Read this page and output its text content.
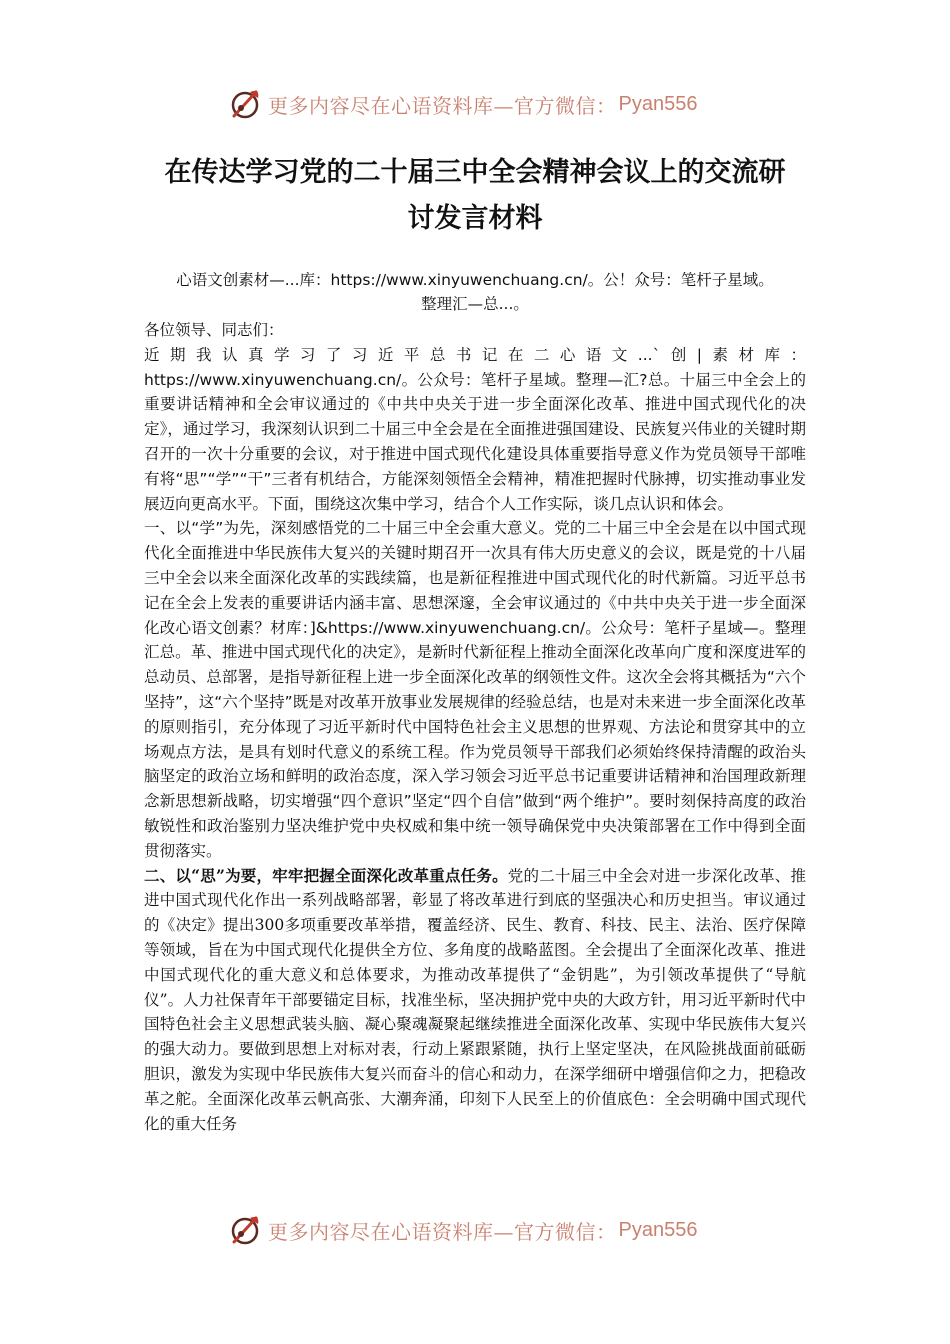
更多内容尽在心语资料库—官方微信： Pyan556
在传达学习党的二十届三中全会精神会议上的交流研
讨发言材料
心语文创素材—...库：https://www.xinyuwenchuang.cn/。公！众号：笔杆子星域。
整理汇—总...。

各位领导、同志们：

近期我认真学习了习近平总书记在二心语文...`创|素材库：https://www.xinyuwenchuang.cn/。公众号：笔杆子星域。整理—汇?总。十届三中全会上的重要讲话精神和全会审议通过的《中共中央关于进一步全面深化改革、推进中国式现代化的决定》，通过学习，我深刻认识到二十届三中全会是在全面推进强国建设、民族复兴伟业的关键时期召开的一次十分重要的会议，对于推进中国式现代化建设具体重要指导意义作为党员领导干部唯有将“思”“学”“干”三者有机结合，方能深刻领悟全会精神，精准把握时代脉搏，切实推动事业发展迈向更高水平。下面，围绕这次集中学习，结合个人工作实际，谈几点认识和体会。

一、以“学”为先，深刻感悟党的二十届三中全会重大意义。党的二十届三中全会是在以中国式现代化全面推进中华民族伟大复兴的关键时期召开一次具有伟大历史意义的会议，既是党的十八届三中全会以来全面深化改革的实践续篇，也是新征程推进中国式现代化的时代新篇。习近平总书记在全会上发表的重要讲话内涵丰富、思想深邃，全会审议通过的《中共中央关于进一步全面深化改心语文创素？材库：]&https://www.xinyuwenchuang.cn/。公众号：笔杆子星域—。整理汇总。革、推进中国式现代化的决定》，是新时代新征程上推动全面深化改革向广度和深度进军的总动员、总部署，是指导新征程上进一步全面深化改革的纲领性文件。这次全会将其概括为“六个坚持”，这“六个坚持”既是对改革开放事业发展规律的经验总结，也是对未来进一步全面深化改革的原则指引，充分体现了习近平新时代中国特色社会主义思想的世界观、方法论和贯穿其中的立场观点方法，是具有划时代意义的系统工程。作为党员领导干部我们必须始终保持清醒的政治头脑坚定的政治立场和鲜明的政治态度，深入学习领会习近平总书记重要讲话精神和治国理政新理念新思想新战略，切实增强“四个意识”坚定“四个自信”做到“两个维护”。要时刻保持高度的政治敏锐性和政治鉴别力坚决维护党中央权威和集中统一领导确保党中央决策部署在工作中得到全面贯彻落实。

二、以“思”为要，牢牢把握全面深化改革重点任务。党的二十届三中全会对进一步深化改革、推进中国式现代化作出一系列战略部署，彰显了将改革进行到底的坚强决心和历史担当。审议通过的《决定》提出300多项重要改革举措，覆盖经济、民生、教育、科技、民主、法治、医疗保障等领域，旨在为中国式现代化提供全方位、多角度的战略蓝图。全会提出了全面深化改革、推进中国式现代化的重大意义和总体要求，为推动改革提供了“金钥匙”，为引领改革提供了“导航仪”。人力社保青年干部要锚定目标，找准坐标，坚决拥护党中央的大政方针，用习近平新时代中国特色社会主义思想武装头脑、凝心聚魂凝聚起继续推进全面深化改革、实现中华民族伟大复兴的强大动力。要做到思想上对标对表，行动上紧跟紧随，执行上坚定坚决，在风险挑战面前砥砺胆识，激发为实现中华民族伟大复兴而奋斗的信心和动力，在深学细研中增强信仰之力，把稳改革之舵。全面深化改革云帆高张、大潮奔涌，印刻下人民至上的价值底色：全会明确中国式现代化的重大任务

更多内容尽在心语资料库—官方微信： Pyan556
